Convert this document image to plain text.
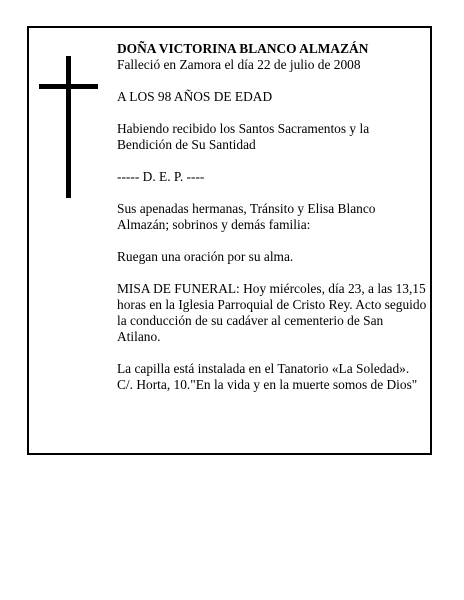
DOÑA VICTORINA BLANCO ALMAZÁN

Falleció en Zamora el día 22 de julio de 2008

A LOS 98 AÑOS DE EDAD

Habiendo recibido los Santos Sacramentos y la Bendición de Su Santidad

----- D. E. P. ----

Sus apenadas hermanas, Tránsito y Elisa Blanco Almazán; sobrinos y demás familia:

Ruegan una oración por su alma.

MISA DE FUNERAL: Hoy miércoles, día 23, a las 13,15 horas en la Iglesia Parroquial de Cristo Rey. Acto seguido la conducción de su cadáver al cementerio de San Atilano.

La capilla está instalada en el Tanatorio «La Soledad». C/. Horta, 10."En la vida y en la muerte somos de Dios"
